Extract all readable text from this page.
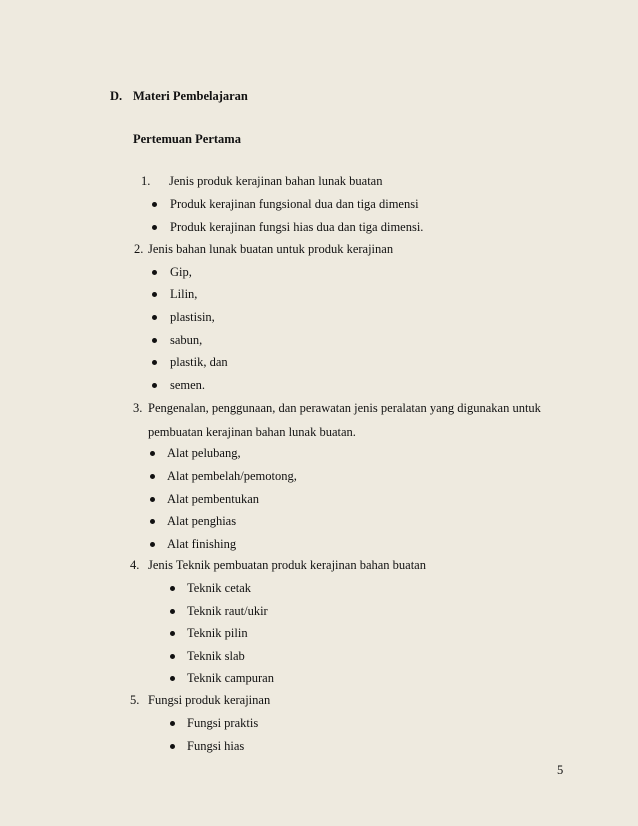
D. Materi Pembelajaran
Pertemuan Pertama
1. Jenis produk kerajinan bahan lunak buatan
Produk kerajinan fungsional dua dan tiga dimensi
Produk kerajinan fungsi hias dua dan tiga dimensi.
2. Jenis bahan lunak buatan untuk produk kerajinan
Gip,
Lilin,
plastisin,
sabun,
plastik, dan
semen.
3. Pengenalan, penggunaan, dan perawatan jenis peralatan yang digunakan untuk
pembuatan kerajinan bahan lunak buatan.
Alat pelubang,
Alat pembelah/pemotong,
Alat pembentukan
Alat penghias
Alat finishing
4. Jenis Teknik pembuatan produk kerajinan bahan buatan
Teknik cetak
Teknik raut/ukir
Teknik pilin
Teknik slab
Teknik campuran
5. Fungsi produk kerajinan
Fungsi praktis
Fungsi hias
5
